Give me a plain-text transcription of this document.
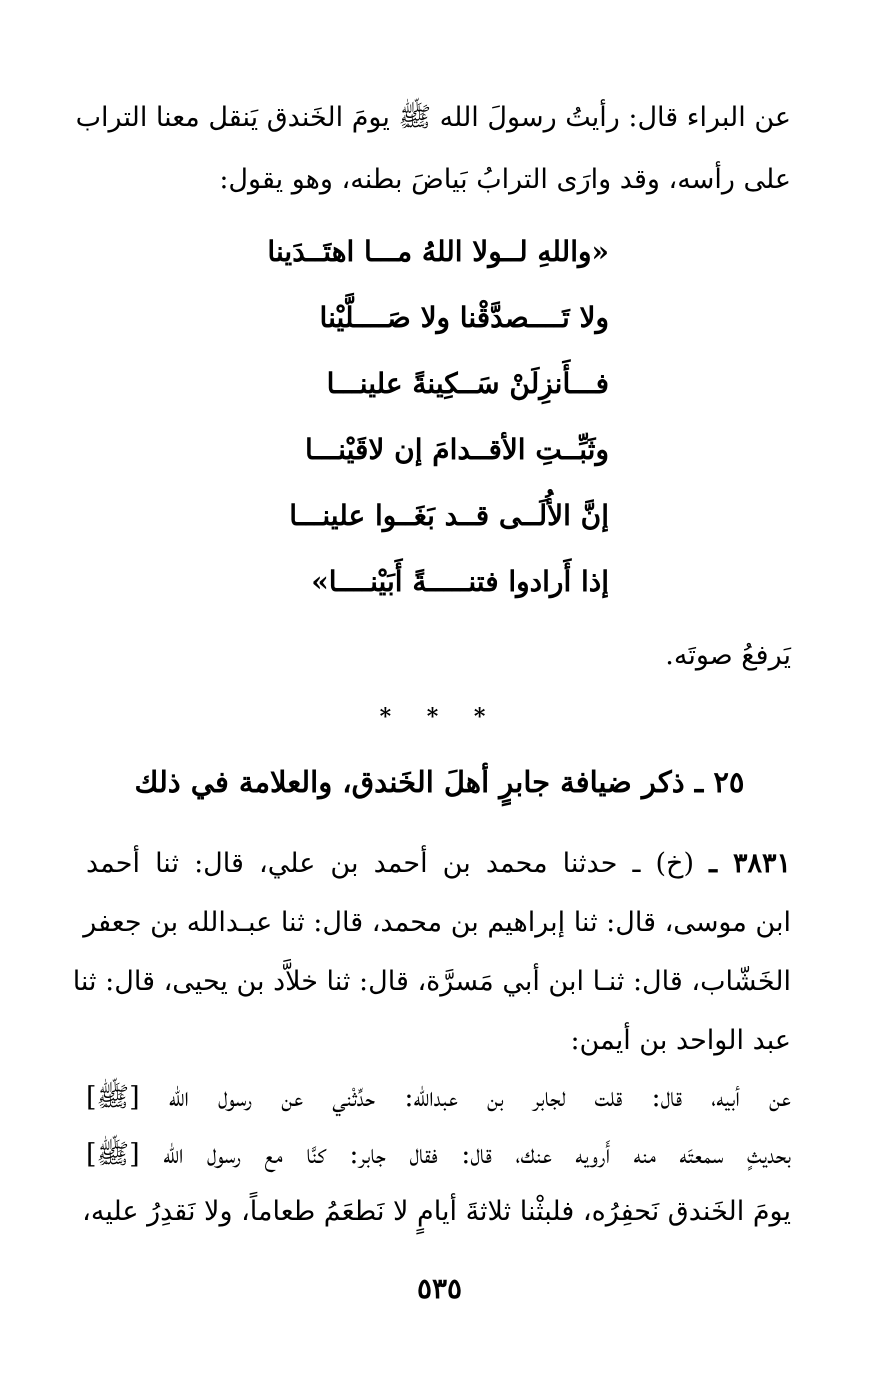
عن البراء قال: رأيتُ رسولَ الله ﷺ يومَ الخَندق يَنقل معنا التراب
على رأسه، وقد وارَى الترابُ بَياضَ بطنه، وهو يقول:
«واللهِ لــولا اللهُ مـــا اهتَــدَينا
ولا تَــــصدَّقْنا ولا صَــــلَّيْنا
فـــأَنزِلَنْ سَــكِينةً علينـــا
وثَبِّــتِ الأقــدامَ إن لاقَيْنـــا
إنَّ الأُلَــى قــد بَغَــوا علينـــا
إذا أَرادوا فتنـــــةً أَبَيْنــــا»
يَرفعُ صوتَه.
* * *
٢٥ ـ ذكر ضيافة جابرٍ أهلَ الخَندق، والعلامة في ذلك
٣٨٣١ ـ (خ) ـ حدثنا محمد بن أحمد بن علي، قال: ثنا أحمد
ابن موسى، قال: ثنا إبراهيم بن محمد، قال: ثنا عبـدالله بن جعفر
الخَشّاب، قال: ثنـا ابن أبي مَسرَّة، قال: ثنا خلاَّد بن يحيى، قال: ثنا
عبد الواحد بن أيمن:
عن أبيه، قال: قلت لجابر بن عبدالله: حدِّثْني عن رسول الله [ﷺ]
بحديثٍ سمعتَه منه أَرويه عنك، قال: فقال جابر: كنَّا مع رسول الله [ﷺ]
يومَ الخَندق نَحفِرُه، فلبثْنا ثلاثةَ أيامٍ لا نَطعَمُ طعاماً، ولا نَقدِرُ عليه،
٥٣٥
